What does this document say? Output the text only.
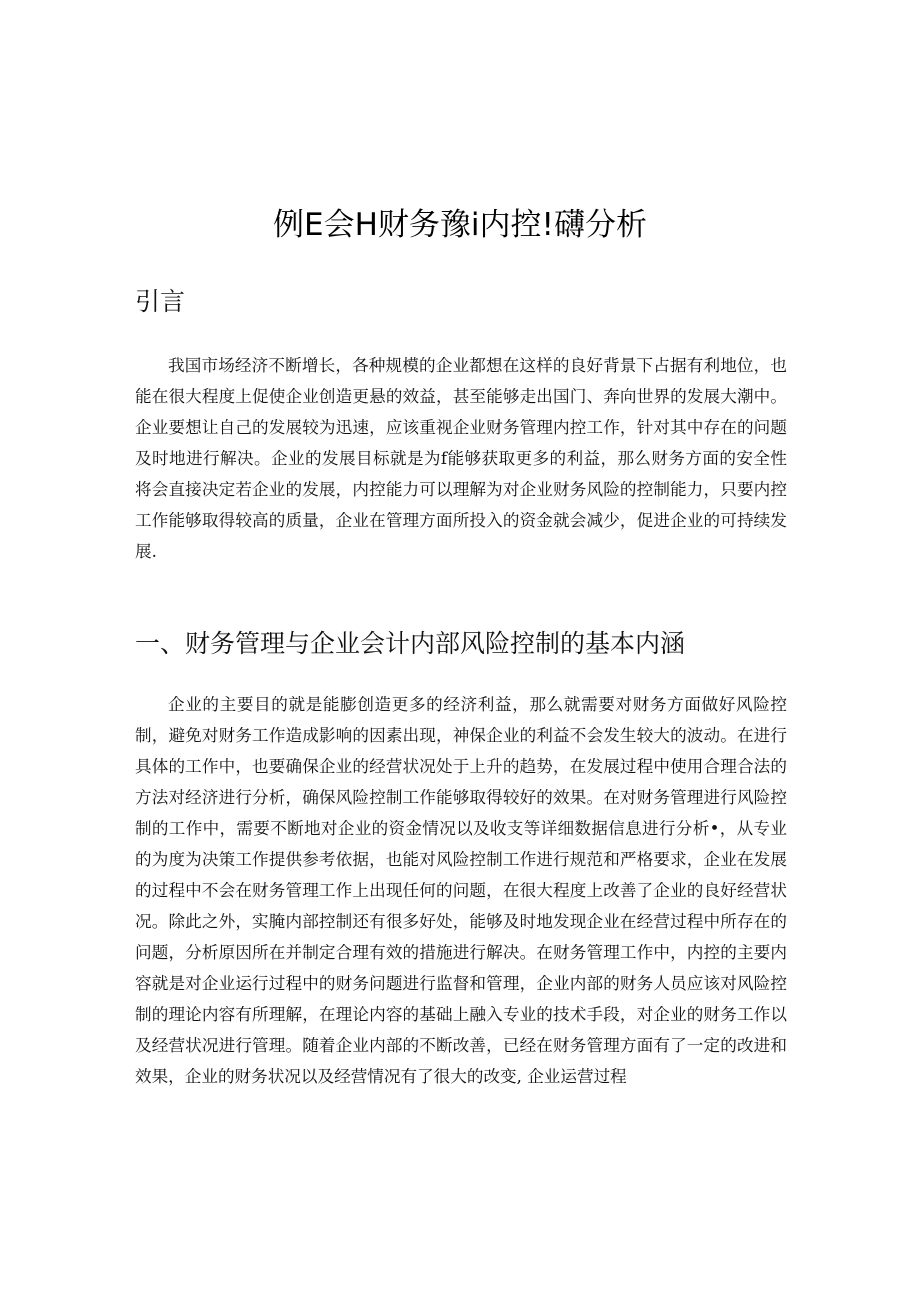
例E会H财务豫i内控!礴分析
引言

我国市场经济不断增长，各种规模的企业都想在这样的良好背景下占据有利地位，也能在很大程度上促使企业创造更悬的效益，甚至能够走出国门、奔向世界的发展大潮中。企业要想让自己的发展较为迅速，应该重视企业财务管理内控工作，针对其中存在的问题及时地进行解决。企业的发展目标就是为f能够获取更多的利益，那么财务方面的安全性将会直接决定若企业的发展，内控能力可以理解为对企业财务风险的控制能力，只要内控工作能够取得较高的质量，企业在管理方面所投入的资金就会减少，促进企业的可持续发展.

一、财务管理与企业会计内部风险控制的基本内涵

企业的主要目的就是能膨创造更多的经济利益，那么就需要对财务方面做好风险控制，避免对财务工作造成影响的因素出现，神保企业的利益不会发生较大的波动。在进行具体的工作中，也要确保企业的经营状况处于上升的趋势，在发展过程中使用合理合法的方法对经济进行分析，确保风险控制工作能够取得较好的效果。在对财务管理进行风险控制的工作中，需要不断地对企业的资金情况以及收支等详细数据信息进行分析•，从专业的为度为决策工作提供参考依据，也能对风险控制工作进行规范和严格要求，企业在发展的过程中不会在财务管理工作上出现任何的问题，在很大程度上改善了企业的良好经营状况。除此之外，实腌内部控制还有很多好处，能够及时地发现企业在经营过程中所存在的问题，分析原因所在并制定合理有效的措施进行解决。在财务管理工作中，内控的主要内容就是对企业运行过程中的财务问题进行监督和管理，企业内部的财务人员应该对风险控制的理论内容有所理解，在理论内容的基础上融入专业的技术手段，对企业的财务工作以及经营状况进行管理。随着企业内部的不断改善，已经在财务管理方面有了一定的改进和效果，企业的财务状况以及经营情况有了很大的改变, 企业运营过程
